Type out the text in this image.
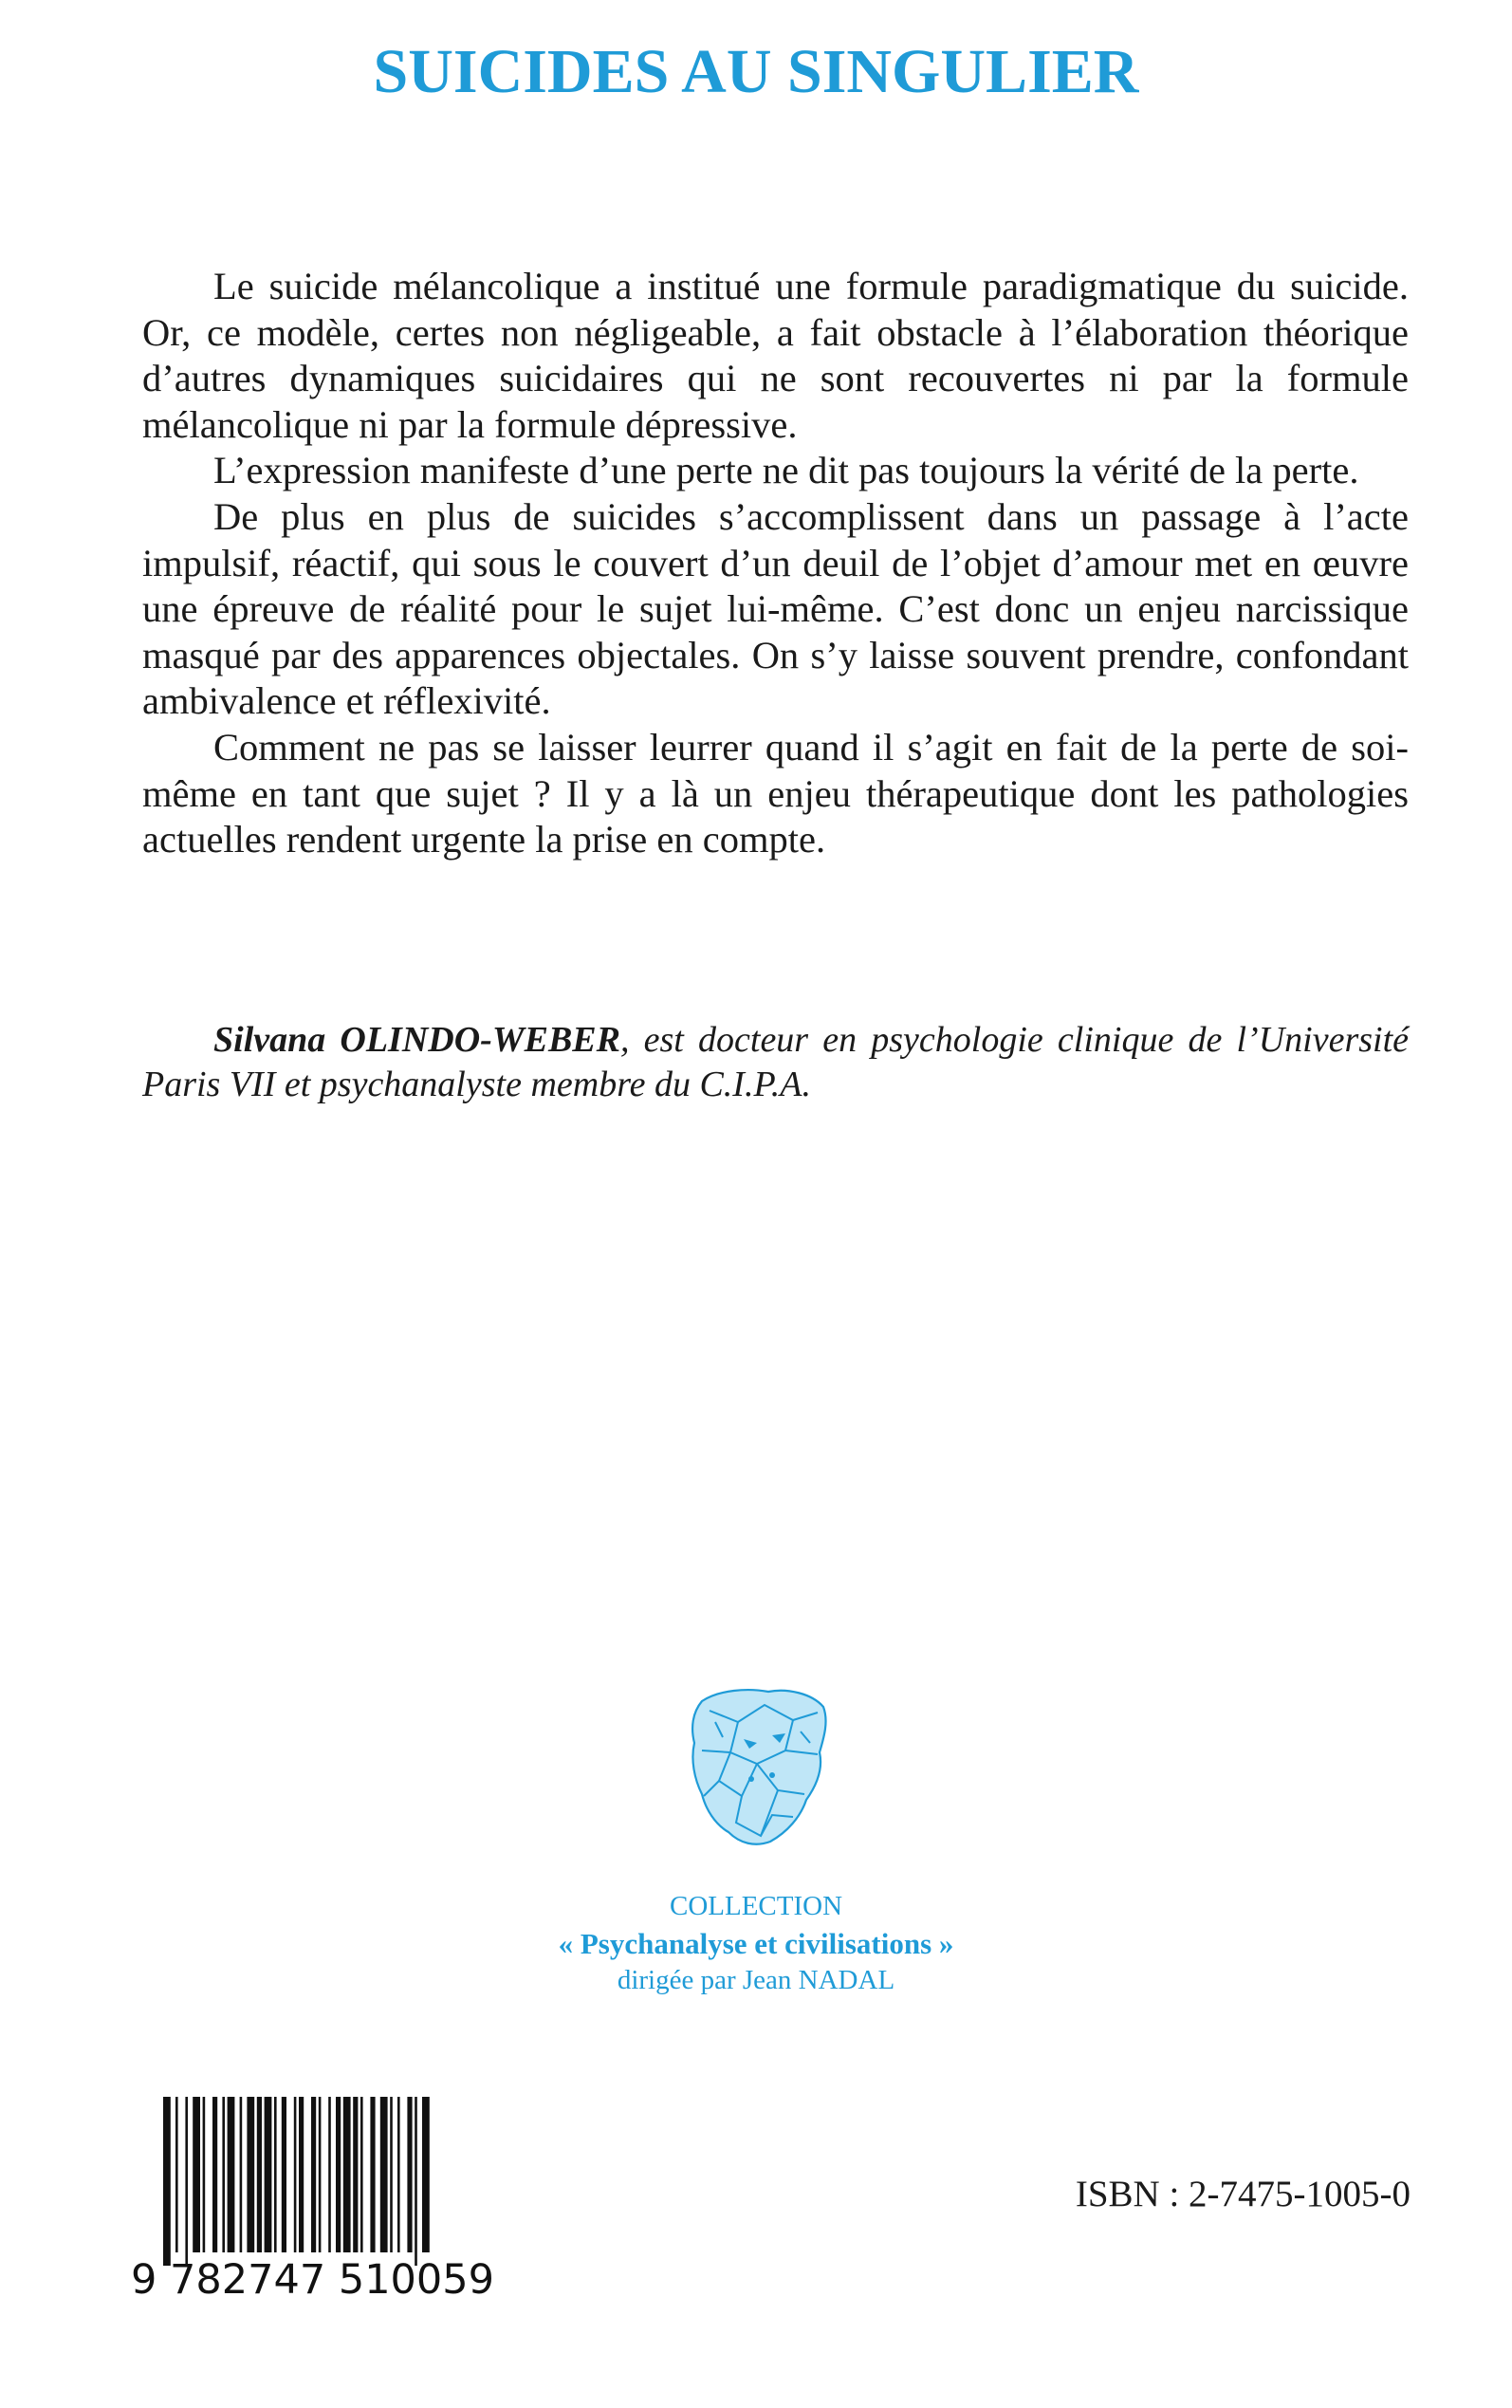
SUICIDES AU SINGULIER

Le suicide mélancolique a institué une formule paradigmatique du suicide. Or, ce modèle, certes non négligeable, a fait obstacle à l’élaboration théorique d’autres dynamiques suicidaires qui ne sont recouvertes ni par la formule mélancolique ni par la formule dépressive.

L’expression manifeste d’une perte ne dit pas toujours la vérité de la perte.

De plus en plus de suicides s’accomplissent dans un passage à l’acte impulsif, réactif, qui sous le couvert d’un deuil de l’objet d’amour met en œuvre une épreuve de réalité pour le sujet lui-même. C’est donc un enjeu narcissique masqué par des apparences objectales. On s’y laisse souvent prendre, confondant ambivalence et réflexivité.

Comment ne pas se laisser leurrer quand il s’agit en fait de la perte de soi-même en tant que sujet ? Il y a là un enjeu thérapeutique dont les pathologies actuelles rendent urgente la prise en compte.

Silvana OLINDO-WEBER, est docteur en psychologie clinique de l’Université Paris VII et psychanalyste membre du C.I.P.A.

COLLECTION
« Psychanalyse et civilisations »
dirigée par Jean NADAL
9 782747 510059
ISBN : 2-7475-1005-0
